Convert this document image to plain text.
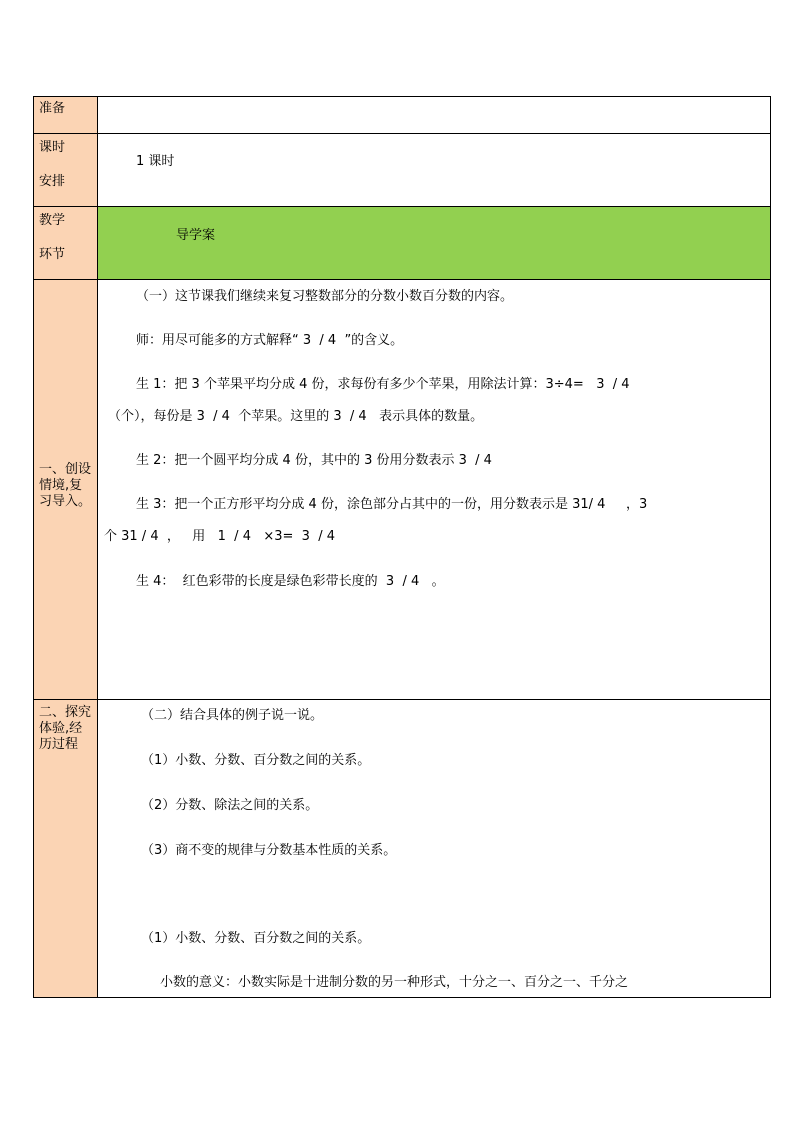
准备	

课时
安排	1 课时

教学
环节	导学案

一、创设情境,复习导入。

（一）这节课我们继续来复习整数部分的分数小数百分数的内容。
师：用尽可能多的方式解释“ 3  / 4  ”的含义。
生 1：把 3 个苹果平均分成 4 份，求每份有多少个苹果，用除法计算：3÷4=   3  / 4
（个），每份是 3  / 4  个苹果。这里的 3  / 4   表示具体的数量。
生 2：把一个圆平均分成 4 份，其中的 3 份用分数表示 3  / 4
生 3：把一个正方形平均分成 4 份，涂色部分占其中的一份，用分数表示是 31/ 4     ，3
个 31 / 4  ，   用   1  / 4   ×3=  3  / 4
生 4：  红色彩带的长度是绿色彩带长度的  3  / 4   。

二、探究体验,经历过程

（二）结合具体的例子说一说。
（1）小数、分数、百分数之间的关系。
（2）分数、除法之间的关系。
（3）商不变的规律与分数基本性质的关系。
（1）小数、分数、百分数之间的关系。
小数的意义：小数实际是十进制分数的另一种形式，十分之一、百分之一、千分之
